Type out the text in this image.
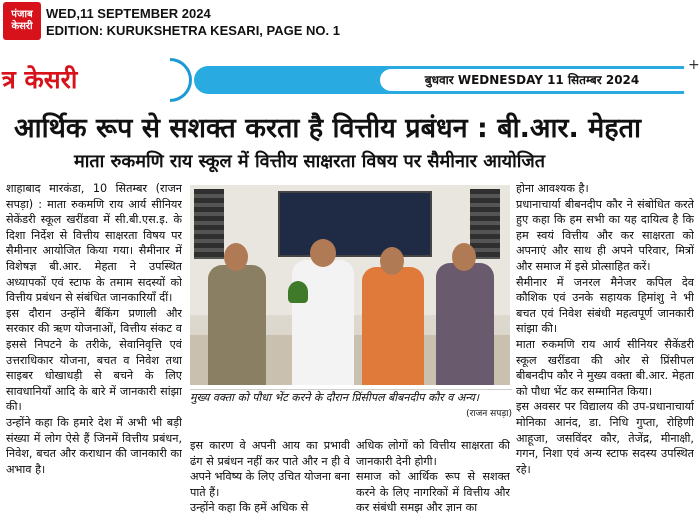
पंजाब केसरी
WED,11 SEPTEMBER 2024
EDITION: KURUKSHETRA KESARI, PAGE NO. 1
त्र केसरी	बुधवार WEDNESDAY 11 सितम्बर 2024
+
आर्थिक रूप से सशक्त करता है वित्तीय प्रबंधन : बी.आर. मेहता
माता रुकमणि राय स्कूल में वित्तीय साक्षरता विषय पर सैमीनार आयोजित

शाहाबाद मारकंडा, 10 सितम्बर (राजन सपड़ा) : माता रुकमणि राय आर्य सीनियर सेकेंडरी स्कूल खरींडवा में सी.बी.एस.इ. के दिशा निर्देश से वित्तीय साक्षरता विषय पर सैमीनार आयोजित किया गया। सैमीनार में विशेषज्ञ बी.आर. मेहता ने उपस्थित अध्यापकों एवं स्टाफ के तमाम सदस्यों को वित्तीय प्रबंधन से संबंधित जानकारियाँ दीं।

इस दौरान उन्होंने बैंकिंग प्रणाली और सरकार की ऋण योजनाओं, वित्तीय संकट व इससे निपटने के तरीके, सेवानिवृत्ति एवं उत्तराधिकार योजना, बचत व निवेश तथा साइबर धोखाधड़ी से बचने के लिए सावधानियाँ आदि के बारे में जानकारी सांझा की।

उन्होंने कहा कि हमारे देश में अभी भी बड़ी संख्या में लोग ऐसे हैं जिनमें वित्तीय प्रबंधन, निवेश, बचत और कराधान की जानकारी का अभाव है।

मुख्य वक्ता को पौधा भेंट करने के दौरान प्रिंसीपल बीबनदीप कौर व अन्य।
(राजन सपड़ा)

इस कारण वे अपनी आय का प्रभावी ढंग से प्रबंधन नहीं कर पाते और न ही वे अपने भविष्य के लिए उचित योजना बना पाते हैं।

उन्होंने कहा कि हमें अधिक से

अधिक लोगों को वित्तीय साक्षरता की जानकारी देनी होगी।

समाज को आर्थिक रूप से सशक्त करने के लिए नागरिकों में वित्तीय और कर संबंधी समझ और ज्ञान का

होना आवश्यक है।

प्रधानाचार्या बीबनदीप कौर ने संबोधित करते हुए कहा कि हम सभी का यह दायित्व है कि हम स्वयं वित्तीय और कर साक्षरता को अपनाएं और साथ ही अपने परिवार, मित्रों और समाज में इसे प्रोत्साहित करें।

सैमीनार में जनरल मैनेजर कपिल देव कौशिक एवं उनके सहायक हिमांशु ने भी बचत एवं निवेश संबंधी महत्वपूर्ण जानकारी सांझा की।

माता रुकमणि राय आर्य सीनियर सैकेंडरी स्कूल खरींडवा की ओर से प्रिंसीपल बीबनदीप कौर ने मुख्य वक्ता बी.आर. मेहता को पौधा भेंट कर सम्मानित किया।

इस अवसर पर विद्यालय की उप-प्रधानाचार्या मोनिका आनंद, डा. निधि गुप्ता, रोहिणी आहूजा, जसविंदर कौर, तेजेंद्र, मीनाक्षी, गगन, निशा एवं अन्य स्टाफ सदस्य उपस्थित रहे।
